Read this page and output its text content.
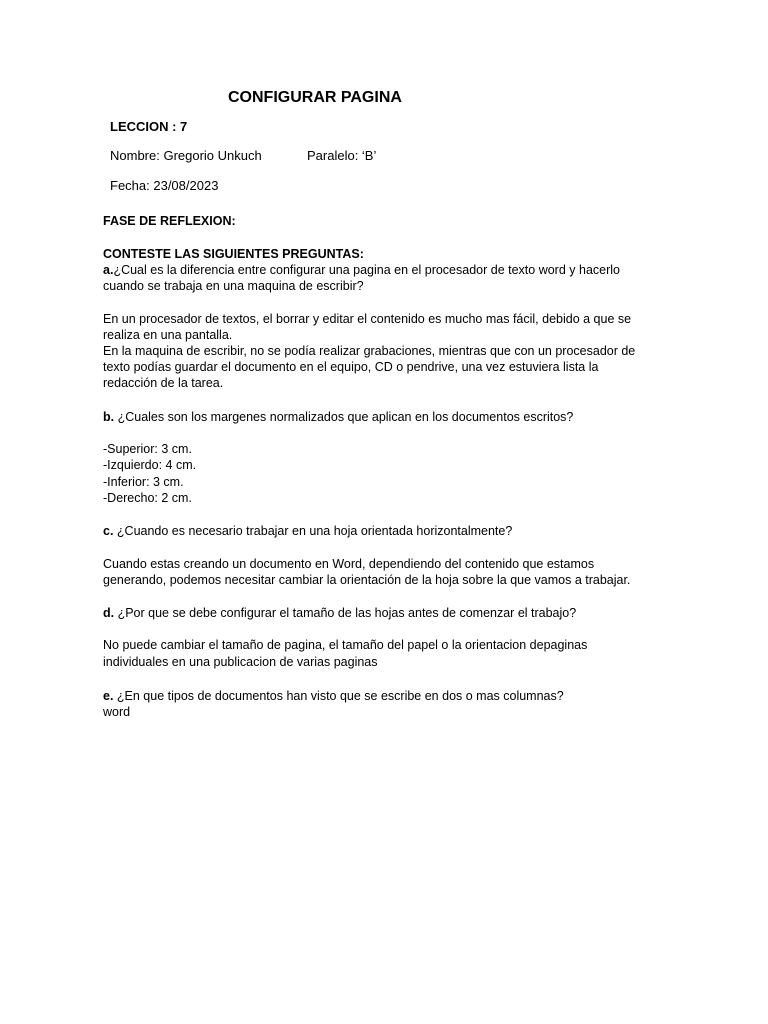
CONFIGURAR PAGINA
LECCION : 7
Nombre: Gregorio Unkuch	Paralelo: ‘B’
Fecha: 23/08/2023
FASE DE REFLEXION:
CONTESTE LAS SIGUIENTES PREGUNTAS:
a.¿Cual es la diferencia entre configurar una pagina en el procesador de texto word y hacerlo
cuando se trabaja en una maquina de escribir?
En un procesador de textos, el borrar y editar el contenido es mucho mas fácil, debido a que se
realiza en una pantalla.
En la maquina de escribir, no se podía realizar grabaciones, mientras que con un procesador de
texto podías guardar el documento en el equipo, CD o pendrive, una vez estuviera lista la
redacción de la tarea.
b. ¿Cuales son los margenes normalizados que aplican en los documentos escritos?
-Superior: 3 cm.
-Izquierdo: 4 cm.
-Inferior: 3 cm.
-Derecho: 2 cm.
c. ¿Cuando es necesario trabajar en una hoja orientada horizontalmente?
Cuando estas creando un documento en Word, dependiendo del contenido que estamos
generando, podemos necesitar cambiar la orientación de la hoja sobre la que vamos a trabajar.
d. ¿Por que se debe configurar el tamaño de las hojas antes de comenzar el trabajo?
No puede cambiar el tamaño de pagina, el tamaño del papel o la orientacion depaginas
individuales en una publicacion de varias paginas
e. ¿En que tipos de documentos han visto que se escribe en dos o mas columnas?
word
